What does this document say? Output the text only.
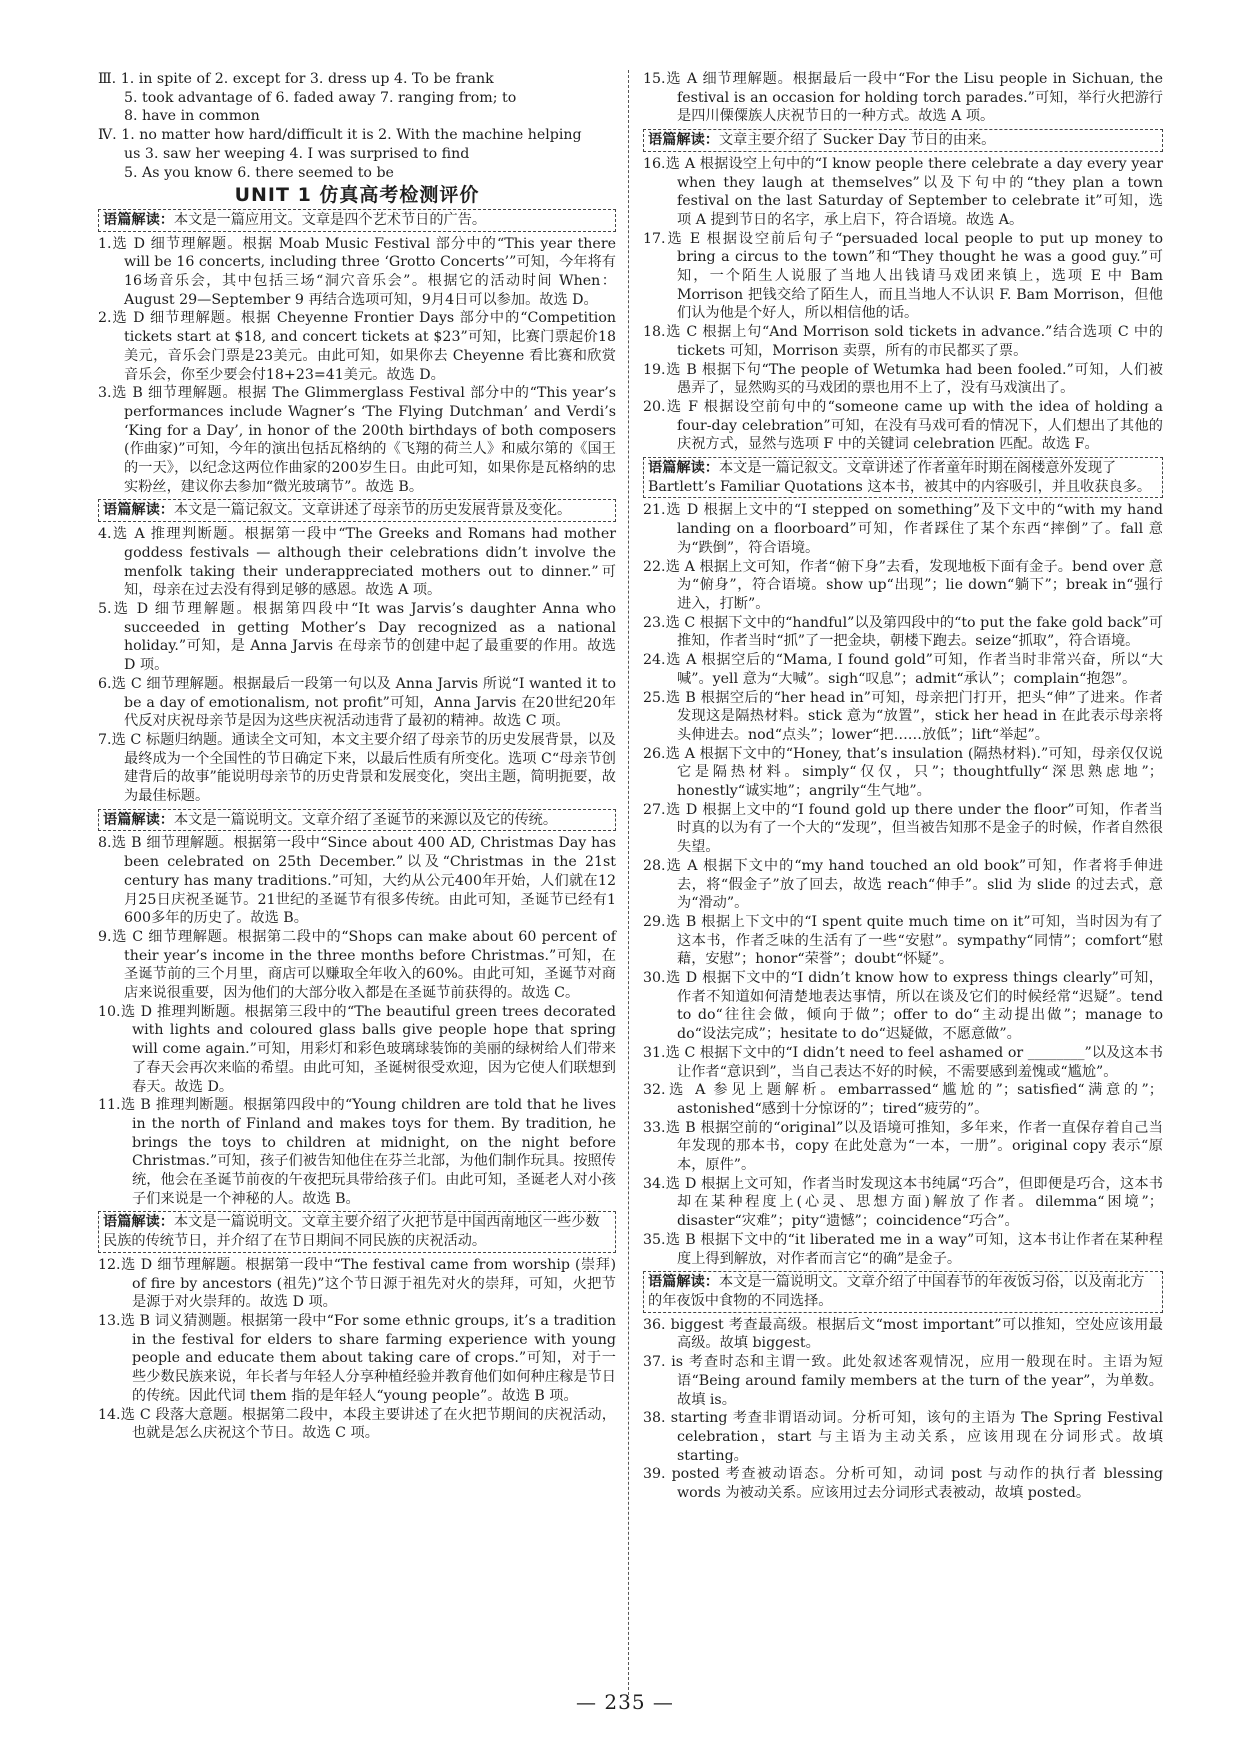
Ⅲ. 1. in spite of 2. except for 3. dress up 4. To be frank
5. took advantage of 6. faded away 7. ranging from; to
8. have in common

Ⅳ. 1. no matter how hard/difficult it is 2. With the machine helping
us 3. saw her weeping 4. I was surprised to find
5. As you know 6. there seemed to be

UNIT 1 仿真高考检测评价
语篇解读：本文是一篇应用文。文章是四个艺术节日的广告。

1.选 D 细节理解题。根据 Moab Music Festival 部分中的“This year there will be 16 concerts, including three ‘Grotto Concerts’”可知，今年将有16场音乐会，其中包括三场“洞穴音乐会”。根据它的活动时间 When：August 29—September 9 再结合选项可知，9月4日可以参加。故选 D。

2.选 D 细节理解题。根据 Cheyenne Frontier Days 部分中的“Competition tickets start at $18, and concert tickets at $23”可知，比赛门票起价18美元，音乐会门票是23美元。由此可知，如果你去 Cheyenne 看比赛和欣赏音乐会，你至少要会付18+23=41美元。故选 D。

3.选 B 细节理解题。根据 The Glimmerglass Festival 部分中的“This year’s performances include Wagner’s ‘The Flying Dutchman’ and Verdi’s ‘King for a Day’, in honor of the 200th birthdays of both composers (作曲家)”可知，今年的演出包括瓦格纳的《飞翔的荷兰人》和威尔第的《国王的一天》，以纪念这两位作曲家的200岁生日。由此可知，如果你是瓦格纳的忠实粉丝，建议你去参加“微光玻璃节”。故选 B。

语篇解读：本文是一篇记叙文。文章讲述了母亲节的历史发展背景及变化。

4.选 A 推理判断题。根据第一段中“The Greeks and Romans had mother goddess festivals — although their celebrations didn’t involve the menfolk taking their underappreciated mothers out to dinner.”可知，母亲在过去没有得到足够的感恩。故选 A 项。

5.选 D 细节理解题。根据第四段中“It was Jarvis’s daughter Anna who succeeded in getting Mother’s Day recognized as a national holiday.”可知，是 Anna Jarvis 在母亲节的创建中起了最重要的作用。故选 D 项。

6.选 C 细节理解题。根据最后一段第一句以及 Anna Jarvis 所说“I wanted it to be a day of emotionalism, not profit”可知，Anna Jarvis 在20世纪20年代反对庆祝母亲节是因为这些庆祝活动违背了最初的精神。故选 C 项。

7.选 C 标题归纳题。通读全文可知，本文主要介绍了母亲节的历史发展背景，以及最终成为一个全国性的节日确定下来，以最后性质有所变化。选项 C“母亲节创建背后的故事”能说明母亲节的历史背景和发展变化，突出主题，简明扼要，故为最佳标题。

语篇解读：本文是一篇说明文。文章介绍了圣诞节的来源以及它的传统。

8.选 B 细节理解题。根据第一段中“Since about 400 AD, Christmas Day has been celebrated on 25th December.”以及“Christmas in the 21st century has many traditions.”可知，大约从公元400年开始，人们就在12月25日庆祝圣诞节。21世纪的圣诞节有很多传统。由此可知，圣诞节已经有1 600多年的历史了。故选 B。

9.选 C 细节理解题。根据第二段中的“Shops can make about 60 percent of their year’s income in the three months before Christmas.”可知，在圣诞节前的三个月里，商店可以赚取全年收入的60%。由此可知，圣诞节对商店来说很重要，因为他们的大部分收入都是在圣诞节前获得的。故选 C。

10.选 D 推理判断题。根据第三段中的“The beautiful green trees decorated with lights and coloured glass balls give people hope that spring will come again.”可知，用彩灯和彩色玻璃球装饰的美丽的绿树给人们带来了春天会再次来临的希望。由此可知，圣诞树很受欢迎，因为它使人们联想到春天。故选 D。

11.选 B 推理判断题。根据第四段中的“Young children are told that he lives in the north of Finland and makes toys for them. By tradition, he brings the toys to children at midnight, on the night before Christmas.”可知，孩子们被告知他住在芬兰北部，为他们制作玩具。按照传统，他会在圣诞节前夜的午夜把玩具带给孩子们。由此可知，圣诞老人对小孩子们来说是一个神秘的人。故选 B。

语篇解读：本文是一篇说明文。文章主要介绍了火把节是中国西南地区一些少数民族的传统节日，并介绍了在节日期间不同民族的庆祝活动。

12.选 D 细节理解题。根据第一段中“The festival came from worship (崇拜) of fire by ancestors (祖先)”这个节日源于祖先对火的崇拜，可知，火把节是源于对火崇拜的。故选 D 项。

13.选 B 词义猜测题。根据第一段中“For some ethnic groups, it’s a tradition in the festival for elders to share farming experience with young people and educate them about taking care of crops.”可知，对于一些少数民族来说，年长者与年轻人分享种植经验并教育他们如何种庄稼是节日的传统。因此代词 them 指的是年轻人“young people”。故选 B 项。

14.选 C 段落大意题。根据第二段中，本段主要讲述了在火把节期间的庆祝活动，也就是怎么庆祝这个节日。故选 C 项。

15.选 A 细节理解题。根据最后一段中“For the Lisu people in Sichuan, the festival is an occasion for holding torch parades.”可知，举行火把游行是四川傈僳族人庆祝节日的一种方式。故选 A 项。

语篇解读：文章主要介绍了 Sucker Day 节日的由来。

16.选 A 根据设空上句中的“I know people there celebrate a day every year when they laugh at themselves”以及下句中的“they plan a town festival on the last Saturday of September to celebrate it”可知，选项 A 提到节日的名字，承上启下，符合语境。故选 A。

17.选 E 根据设空前后句子“persuaded local people to put up money to bring a circus to the town”和“They thought he was a good guy.”可知，一个陌生人说服了当地人出钱请马戏团来镇上，选项 E 中 Bam Morrison 把钱交给了陌生人，而且当地人不认识 F. Bam Morrison，但他们认为他是个好人，所以相信他的话。

18.选 C 根据上句“And Morrison sold tickets in advance.”结合选项 C 中的 tickets 可知，Morrison 卖票，所有的市民都买了票。

19.选 B 根据下句“The people of Wetumka had been fooled.”可知，人们被愚弄了，显然购买的马戏团的票也用不上了，没有马戏演出了。

20.选 F 根据设空前句中的“someone came up with the idea of holding a four-day celebration”可知，在没有马戏可看的情况下，人们想出了其他的庆祝方式，显然与选项 F 中的关键词 celebration 匹配。故选 F。

语篇解读：本文是一篇记叙文。文章讲述了作者童年时期在阁楼意外发现了 Bartlett’s Familiar Quotations 这本书，被其中的内容吸引，并且收获良多。

21.选 D 根据上文中的“I stepped on something”及下文中的“with my hand landing on a floorboard”可知，作者踩住了某个东西“摔倒”了。fall 意为“跌倒”，符合语境。

22.选 A 根据上文可知，作者“俯下身”去看，发现地板下面有金子。bend over 意为“俯身”，符合语境。show up“出现”；lie down“躺下”；break in“强行进入，打断”。

23.选 C 根据下文中的“handful”以及第四段中的“to put the fake gold back”可推知，作者当时“抓”了一把金块，朝楼下跑去。seize“抓取”，符合语境。

24.选 A 根据空后的“Mama, I found gold”可知，作者当时非常兴奋，所以“大喊”。yell 意为“大喊”。sigh“叹息”；admit“承认”；complain“抱怨”。

25.选 B 根据空后的“her head in”可知，母亲把门打开，把头“伸”了进来。作者发现这是隔热材料。stick 意为“放置”，stick her head in 在此表示母亲将头伸进去。nod“点头”；lower“把……放低”；lift“举起”。

26.选 A 根据下文中的“Honey, that’s insulation (隔热材料).”可知，母亲仅仅说它是隔热材料。simply“仅仅，只”；thoughtfully“深思熟虑地”；honestly“诚实地”；angrily“生气地”。

27.选 D 根据上文中的“I found gold up there under the floor”可知，作者当时真的以为有了一个大的“发现”，但当被告知那不是金子的时候，作者自然很失望。

28.选 A 根据下文中的“my hand touched an old book”可知，作者将手伸进去，将“假金子”放了回去，故选 reach“伸手”。slid 为 slide 的过去式，意为“滑动”。

29.选 B 根据上下文中的“I spent quite much time on it”可知，当时因为有了这本书，作者乏味的生活有了一些“安慰”。sympathy“同情”；comfort“慰藉，安慰”；honor“荣誉”；doubt“怀疑”。

30.选 D 根据下文中的“I didn’t know how to express things clearly”可知，作者不知道如何清楚地表达事情，所以在谈及它们的时候经常“迟疑”。tend to do“往往会做，倾向于做”；offer to do“主动提出做”；manage to do“设法完成”；hesitate to do“迟疑做，不愿意做”。

31.选 C 根据下文中的“I didn’t need to feel ashamed or ________”以及这本书让作者“意识到”，当自己表达不好的时候，不需要感到羞愧或“尴尬”。

32.选 A 参见上题解析。embarrassed“尴尬的”；satisfied“满意的”；astonished“感到十分惊讶的”；tired“疲劳的”。

33.选 B 根据空前的“original”以及语境可推知，多年来，作者一直保存着自己当年发现的那本书，copy 在此处意为“一本，一册”。original copy 表示“原本，原件”。

34.选 D 根据上文可知，作者当时发现这本书纯属“巧合”，但即便是巧合，这本书却在某种程度上(心灵、思想方面)解放了作者。dilemma“困境”；disaster“灾难”；pity“遗憾”；coincidence“巧合”。

35.选 B 根据下文中的“it liberated me in a way”可知，这本书让作者在某种程度上得到解放，对作者而言它“的确”是金子。

语篇解读：本文是一篇说明文。文章介绍了中国春节的年夜饭习俗，以及南北方的年夜饭中食物的不同选择。

36. biggest 考查最高级。根据后文“most important”可以推知，空处应该用最高级。故填 biggest。

37. is 考查时态和主谓一致。此处叙述客观情况，应用一般现在时。主语为短语“Being around family members at the turn of the year”，为单数。故填 is。

38. starting 考查非谓语动词。分析可知，该句的主语为 The Spring Festival celebration，start 与主语为主动关系，应该用现在分词形式。故填 starting。

39. posted 考查被动语态。分析可知，动词 post 与动作的执行者 blessing words 为被动关系。应该用过去分词形式表被动，故填 posted。

— 235 —
